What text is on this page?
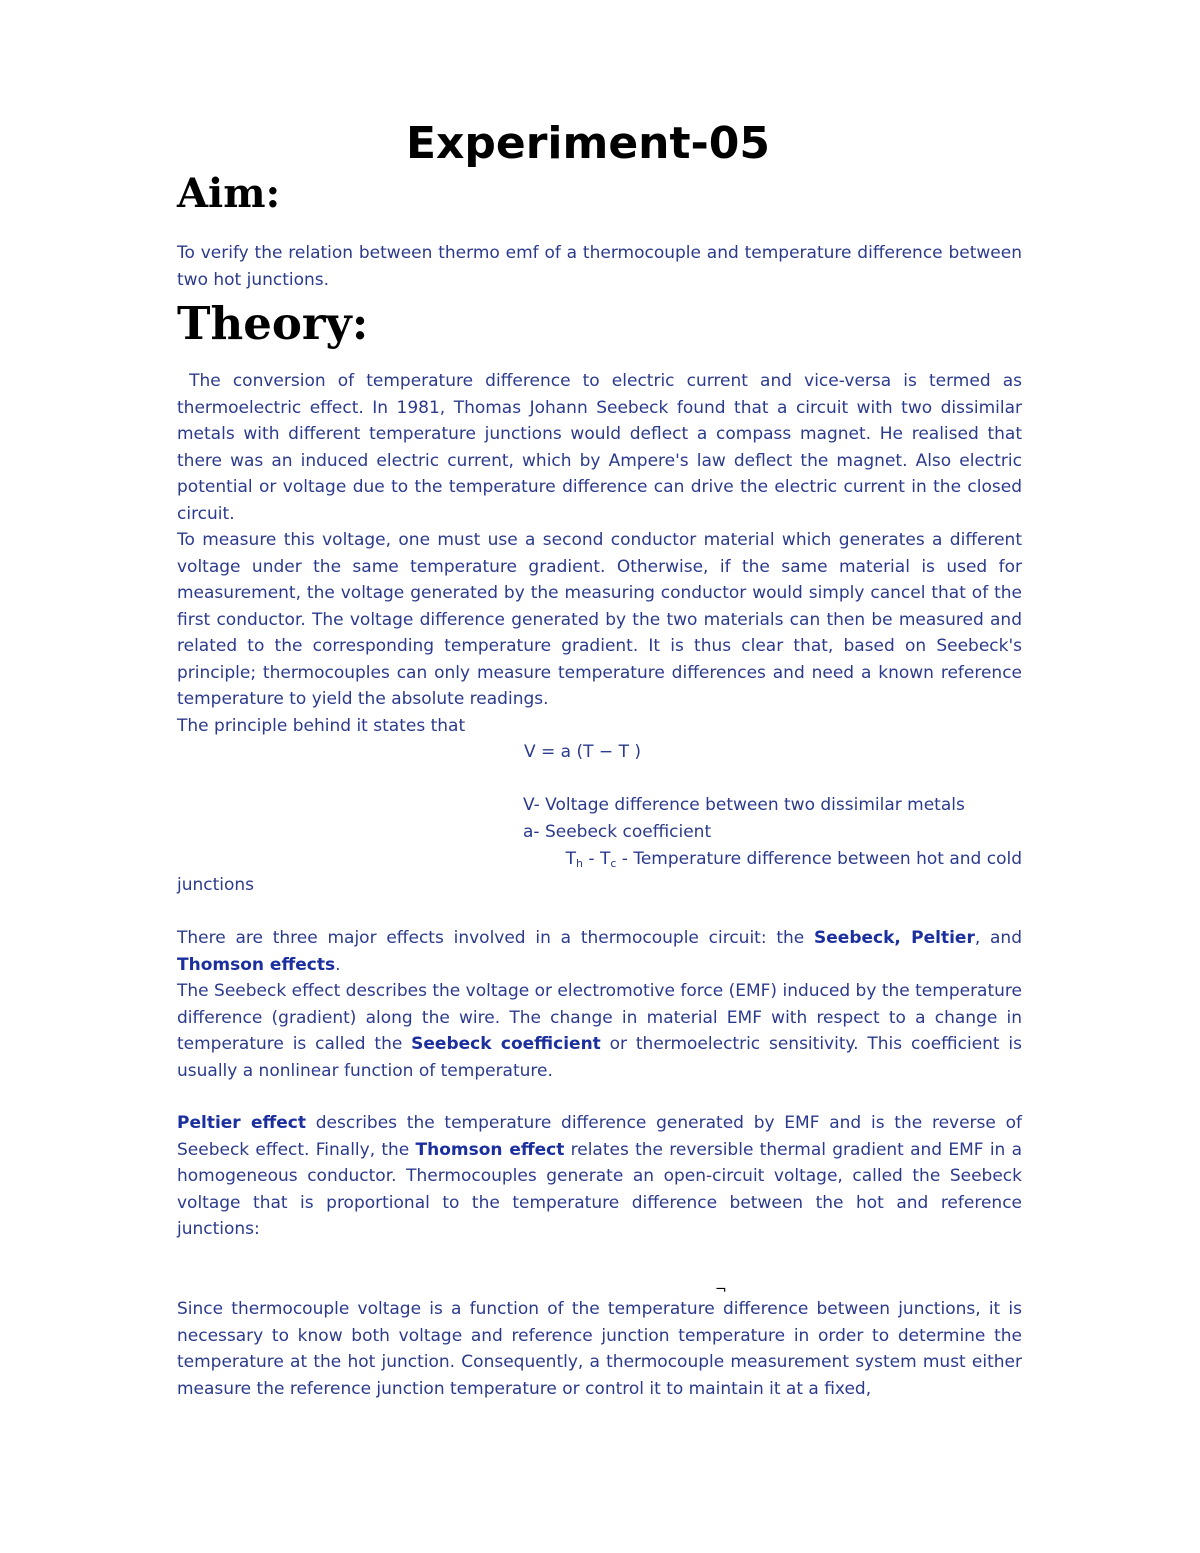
Experiment-05
Aim:

To verify the relation between thermo emf of a thermocouple and temperature difference between two hot junctions.

Theory:

The conversion of temperature difference to electric current and vice-versa is termed as thermoelectric effect. In 1981, Thomas Johann Seebeck found that a circuit with two dissimilar metals with different temperature junctions would deflect a compass magnet. He realised that there was an induced electric current, which by Ampere's law deflect the magnet. Also electric potential or voltage due to the temperature difference can drive the electric current in the closed circuit.

To measure this voltage, one must use a second conductor material which generates a different voltage under the same temperature gradient. Otherwise, if the same material is used for measurement, the voltage generated by the measuring conductor would simply cancel that of the first conductor. The voltage difference generated by the two materials can then be measured and related to the corresponding temperature gradient. It is thus clear that, based on Seebeck's principle; thermocouples can only measure temperature differences and need a known reference temperature to yield the absolute readings.

The principle behind it states that

V = a (T − T )

V- Voltage difference between two dissimilar metals

a- Seebeck coefficient

$T_h - T_c$ - Temperature difference between hot and cold

junctions

There are three major effects involved in a thermocouple circuit: the Seebeck, Peltier, and Thomson effects.

The Seebeck effect describes the voltage or electromotive force (EMF) induced by the temperature difference (gradient) along the wire. The change in material EMF with respect to a change in temperature is called the Seebeck coefficient or thermoelectric sensitivity. This coefficient is usually a nonlinear function of temperature.

Peltier effect describes the temperature difference generated by EMF and is the reverse of Seebeck effect. Finally, the Thomson effect relates the reversible thermal gradient and EMF in a homogeneous conductor. Thermocouples generate an open-circuit voltage, called the Seebeck voltage that is proportional to the temperature difference between the hot and reference junctions:

¬

Since thermocouple voltage is a function of the temperature difference between junctions, it is necessary to know both voltage and reference junction temperature in order to determine the temperature at the hot junction. Consequently, a thermocouple measurement system must either measure the reference junction temperature or control it to maintain it at a fixed,
